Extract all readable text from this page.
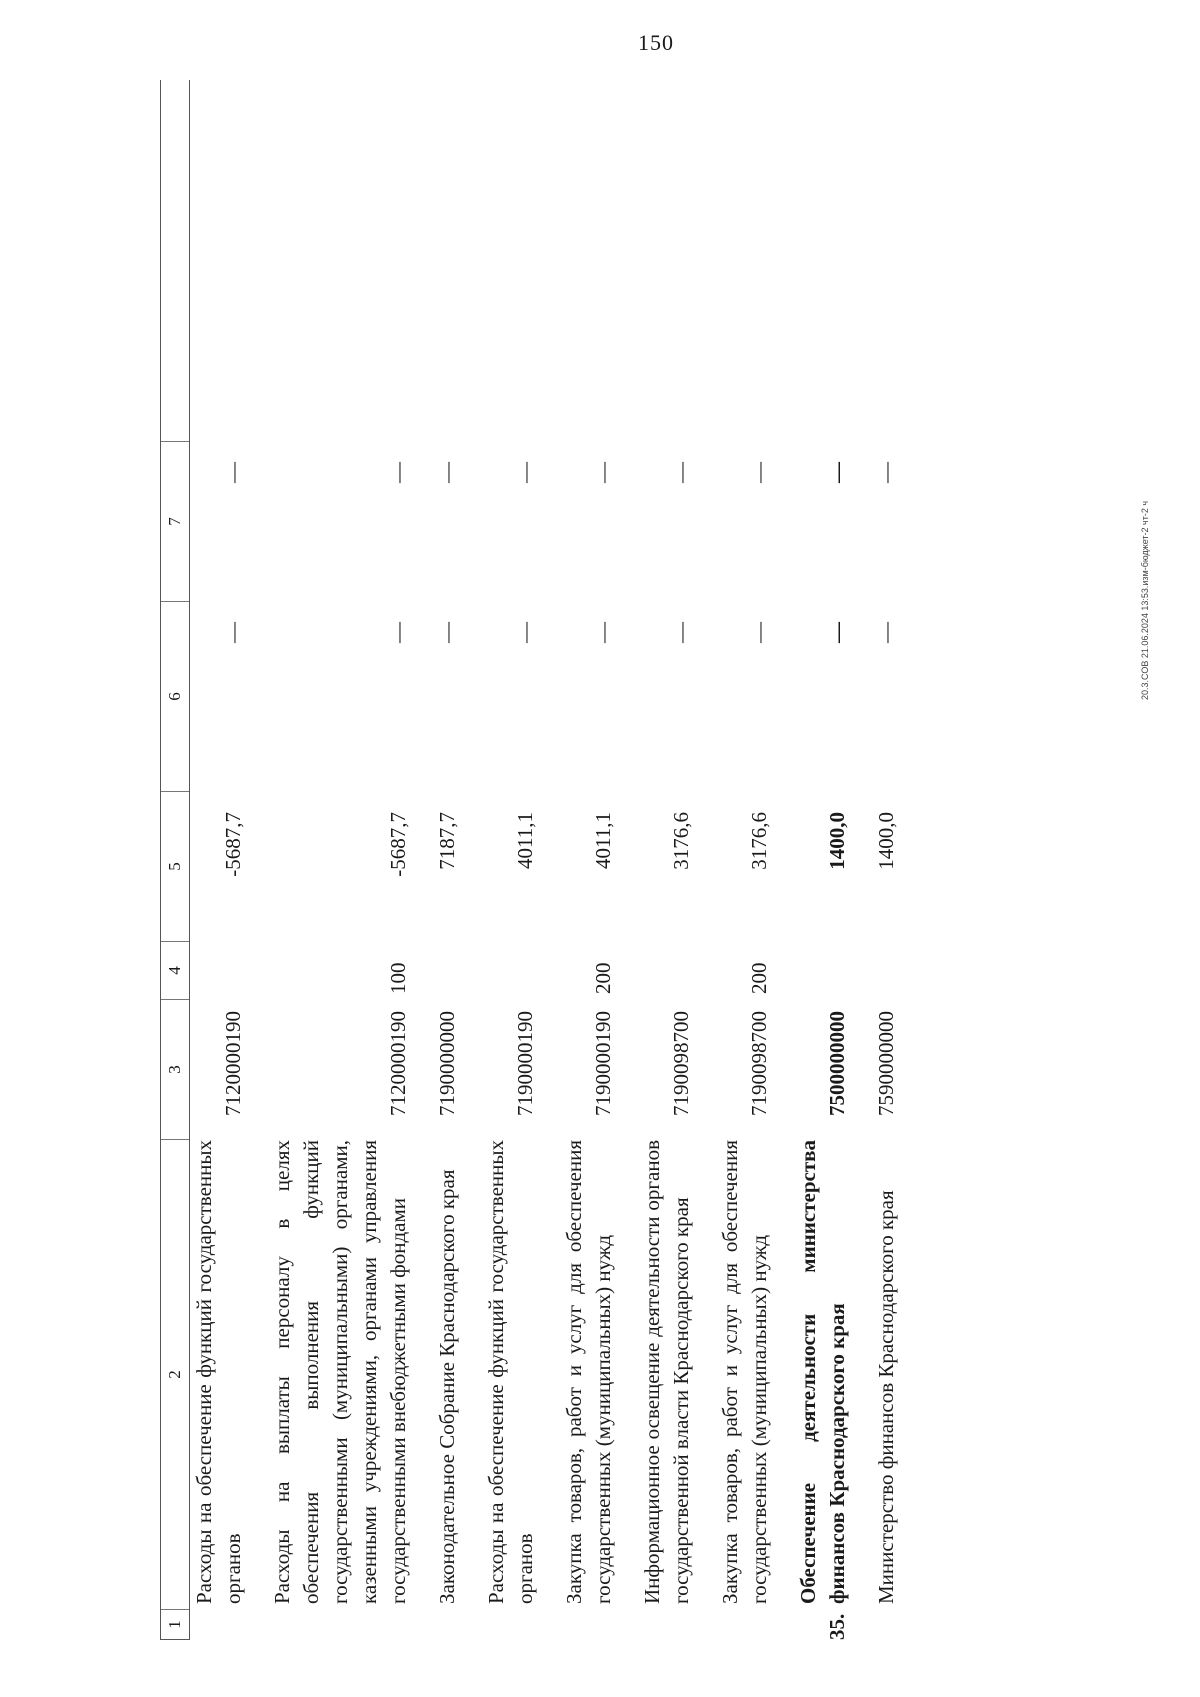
150
20.3.СОВ 21.06.2024 13:53.изм-бюджет-2 чт-2 ч
1
2
3
4
5
6
7
Расходы на обеспечение функций государственных органов
7120000190
-5687,7
—
—
Расходы на выплаты персоналу в целях обеспечения выполнения функций государственными (муниципальными) органами, казенными учреждениями, органами управления государственными внебюджетными фондами
7120000190
100
-5687,7
—
—
Законодательное Собрание Краснодарского края
7190000000
7187,7
—
—
Расходы на обеспечение функций государственных органов
7190000190
4011,1
—
—
Закупка товаров, работ и услуг для обеспечения государственных (муниципальных) нужд
7190000190
200
4011,1
—
—
Информационное освещение деятельности органов государственной власти Краснодарского края
7190098700
3176,6
—
—
Закупка товаров, работ и услуг для обеспечения государственных (муниципальных) нужд
7190098700
200
3176,6
—
—
35.
Обеспечение деятельности министерства финансов Краснодарского края
7500000000
1400,0
—
—
Министерство финансов Краснодарского края
7590000000
1400,0
—
—
